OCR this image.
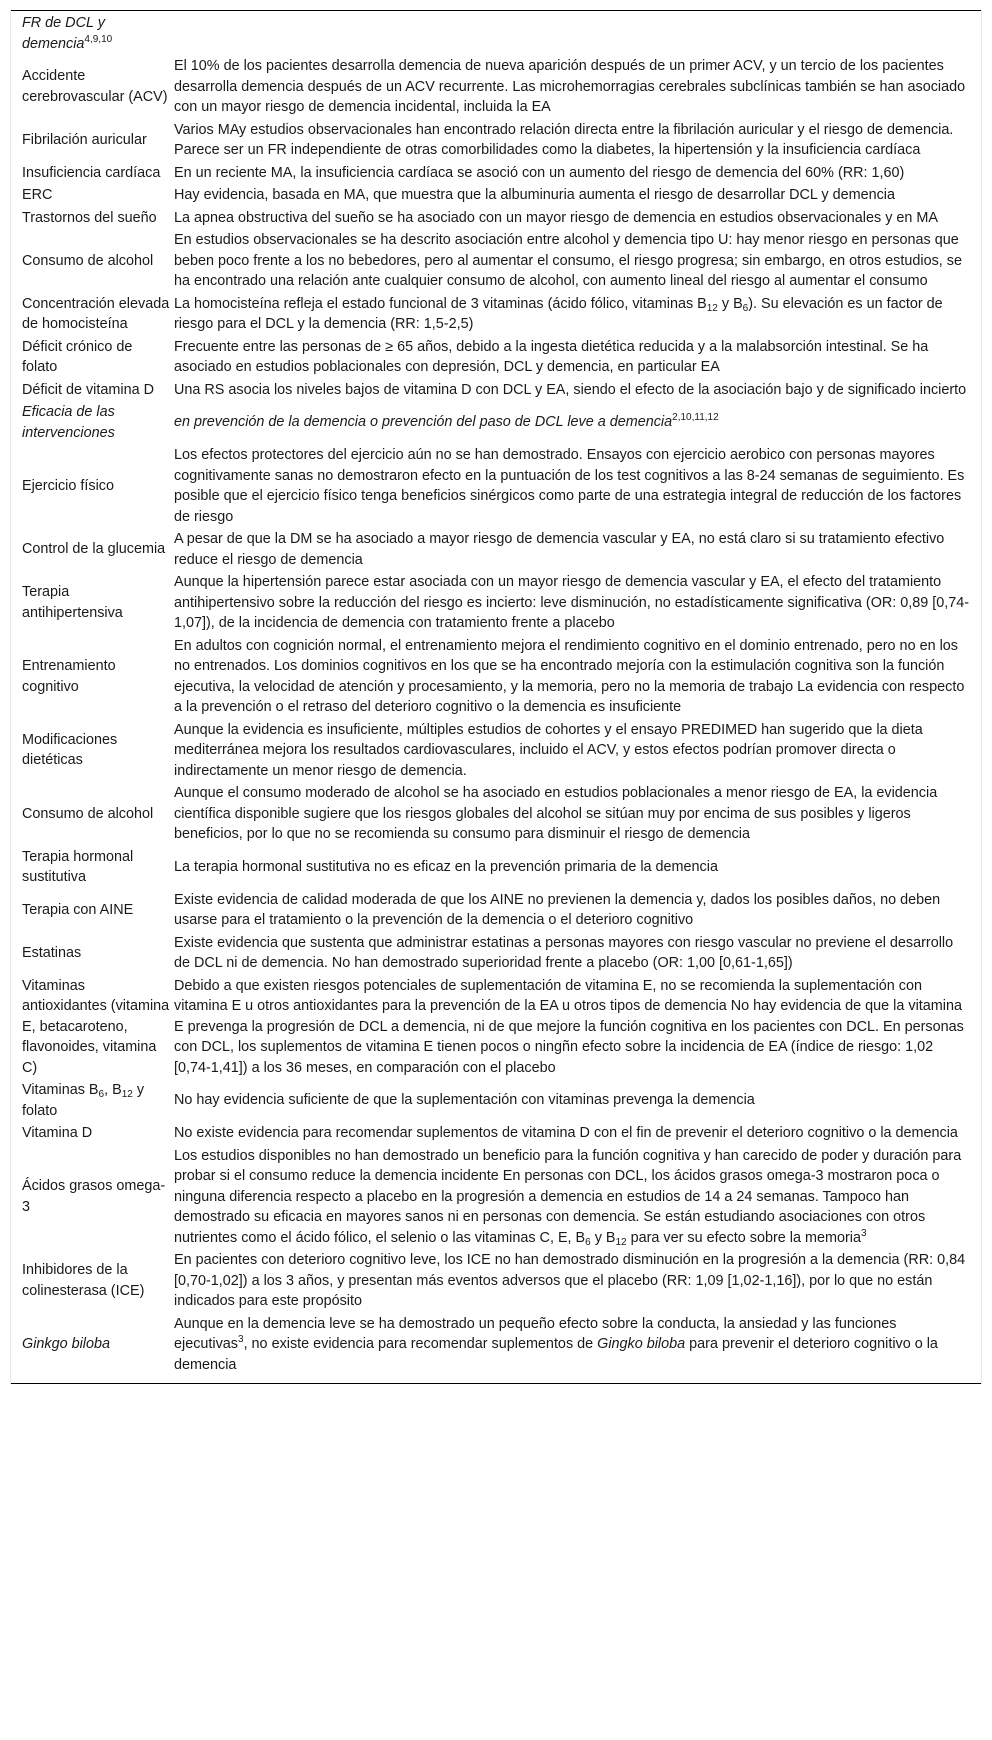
FR de DCL y demencia$^{4,9,10}$	
Accidente cerebrovascular (ACV)	El 10% de los pacientes desarrolla demencia de nueva aparición después de un primer ACV, y un tercio de los pacientes desarrolla demencia después de un ACV recurrente. Las microhemorragias cerebrales subclínicas también se han asociado con un mayor riesgo de demencia incidental, incluida la EA
Fibrilación auricular	Varios MAy estudios observacionales han encontrado relación directa entre la fibrilación auricular y el riesgo de demencia. Parece ser un FR independiente de otras comorbilidades como la diabetes, la hipertensión y la insuficiencia cardíaca
Insuficiencia cardíaca	En un reciente MA, la insuficiencia cardíaca se asoció con un aumento del riesgo de demencia del 60% (RR: 1,60)
ERC	Hay evidencia, basada en MA, que muestra que la albuminuria aumenta el riesgo de desarrollar DCL y demencia
Trastornos del sueño	La apnea obstructiva del sueño se ha asociado con un mayor riesgo de demencia en estudios observacionales y en MA
Consumo de alcohol	En estudios observacionales se ha descrito asociación entre alcohol y demencia tipo U: hay menor riesgo en personas que beben poco frente a los no bebedores, pero al aumentar el consumo, el riesgo progresa; sin embargo, en otros estudios, se ha encontrado una relación ante cualquier consumo de alcohol, con aumento lineal del riesgo al aumentar el consumo
Concentración elevada de homocisteína	La homocisteína refleja el estado funcional de 3 vitaminas (ácido fólico, vitaminas $B_{12}$ y $B_6$). Su elevación es un factor de riesgo para el DCL y la demencia (RR: 1,5-2,5)
Déficit crónico de folato	Frecuente entre las personas de ≥ 65 años, debido a la ingesta dietética reducida y a la malabsorción intestinal. Se ha asociado en estudios poblacionales con depresión, DCL y demencia, en particular EA
Déficit de vitamina D	Una RS asocia los niveles bajos de vitamina D con DCL y EA, siendo el efecto de la asociación bajo y de significado incierto
Eficacia de las intervenciones	en prevención de la demencia o prevención del paso de DCL leve a demencia$^{2,10,11,12}$
Ejercicio físico	Los efectos protectores del ejercicio aún no se han demostrado. Ensayos con ejercicio aerobico con personas mayores cognitivamente sanas no demostraron efecto en la puntuación de los test cognitivos a las 8-24 semanas de seguimiento. Es posible que el ejercicio físico tenga beneficios sinérgicos como parte de una estrategia integral de reducción de los factores de riesgo
Control de la glucemia	A pesar de que la DM se ha asociado a mayor riesgo de demencia vascular y EA, no está claro si su tratamiento efectivo reduce el riesgo de demencia
Terapia antihipertensiva	Aunque la hipertensión parece estar asociada con un mayor riesgo de demencia vascular y EA, el efecto del tratamiento antihipertensivo sobre la reducción del riesgo es incierto: leve disminución, no estadísticamente significativa (OR: 0,89 [0,74-1,07]), de la incidencia de demencia con tratamiento frente a placebo
Entrenamiento cognitivo	En adultos con cognición normal, el entrenamiento mejora el rendimiento cognitivo en el dominio entrenado, pero no en los no entrenados. Los dominios cognitivos en los que se ha encontrado mejoría con la estimulación cognitiva son la función ejecutiva, la velocidad de atención y procesamiento, y la memoria, pero no la memoria de trabajo La evidencia con respecto a la prevención o el retraso del deterioro cognitivo o la demencia es insuficiente
Modificaciones dietéticas	Aunque la evidencia es insuficiente, múltiples estudios de cohortes y el ensayo PREDIMED han sugerido que la dieta mediterránea mejora los resultados cardiovasculares, incluido el ACV, y estos efectos podrían promover directa o indirectamente un menor riesgo de demencia.
Consumo de alcohol	Aunque el consumo moderado de alcohol se ha asociado en estudios poblacionales a menor riesgo de EA, la evidencia científica disponible sugiere que los riesgos globales del alcohol se sitúan muy por encima de sus posibles y ligeros beneficios, por lo que no se recomienda su consumo para disminuir el riesgo de demencia
Terapia hormonal sustitutiva	La terapia hormonal sustitutiva no es eficaz en la prevención primaria de la demencia
Terapia con AINE	Existe evidencia de calidad moderada de que los AINE no previenen la demencia y, dados los posibles daños, no deben usarse para el tratamiento o la prevención de la demencia o el deterioro cognitivo
Estatinas	Existe evidencia que sustenta que administrar estatinas a personas mayores con riesgo vascular no previene el desarrollo de DCL ni de demencia. No han demostrado superioridad frente a placebo (OR: 1,00 [0,61-1,65])
Vitaminas antioxidantes (vitamina E, betacaroteno, flavonoides, vitamina C)	Debido a que existen riesgos potenciales de suplementación de vitamina E, no se recomienda la suplementación con vitamina E u otros antioxidantes para la prevención de la EA u otros tipos de demencia No hay evidencia de que la vitamina E prevenga la progresión de DCL a demencia, ni de que mejore la función cognitiva en los pacientes con DCL. En personas con DCL, los suplementos de vitamina E tienen pocos o ningñn efecto sobre la incidencia de EA (índice de riesgo: 1,02 [0,74-1,41]) a los 36 meses, en comparación con el placebo
Vitaminas $B_6$, $B_{12}$ y folato	No hay evidencia suficiente de que la suplementación con vitaminas prevenga la demencia
Vitamina D	No existe evidencia para recomendar suplementos de vitamina D con el fin de prevenir el deterioro cognitivo o la demencia
Ácidos grasos omega-3	Los estudios disponibles no han demostrado un beneficio para la función cognitiva y han carecido de poder y duración para probar si el consumo reduce la demencia incidente En personas con DCL, los ácidos grasos omega-3 mostraron poca o ninguna diferencia respecto a placebo en la progresión a demencia en estudios de 14 a 24 semanas. Tampoco han demostrado su eficacia en mayores sanos ni en personas con demencia. Se están estudiando asociaciones con otros nutrientes como el ácido fólico, el selenio o las vitaminas C, E, $B_6$ y $B_{12}$ para ver su efecto sobre la memoria$^3$
Inhibidores de la colinesterasa (ICE)	En pacientes con deterioro cognitivo leve, los ICE no han demostrado disminución en la progresión a la demencia (RR: 0,84 [0,70-1,02]) a los 3 años, y presentan más eventos adversos que el placebo (RR: 1,09 [1,02-1,16]), por lo que no están indicados para este propósito
Ginkgo biloba	Aunque en la demencia leve se ha demostrado un pequeño efecto sobre la conducta, la ansiedad y las funciones ejecutivas$^3$, no existe evidencia para recomendar suplementos de Gingko biloba para prevenir el deterioro cognitivo o la demencia
